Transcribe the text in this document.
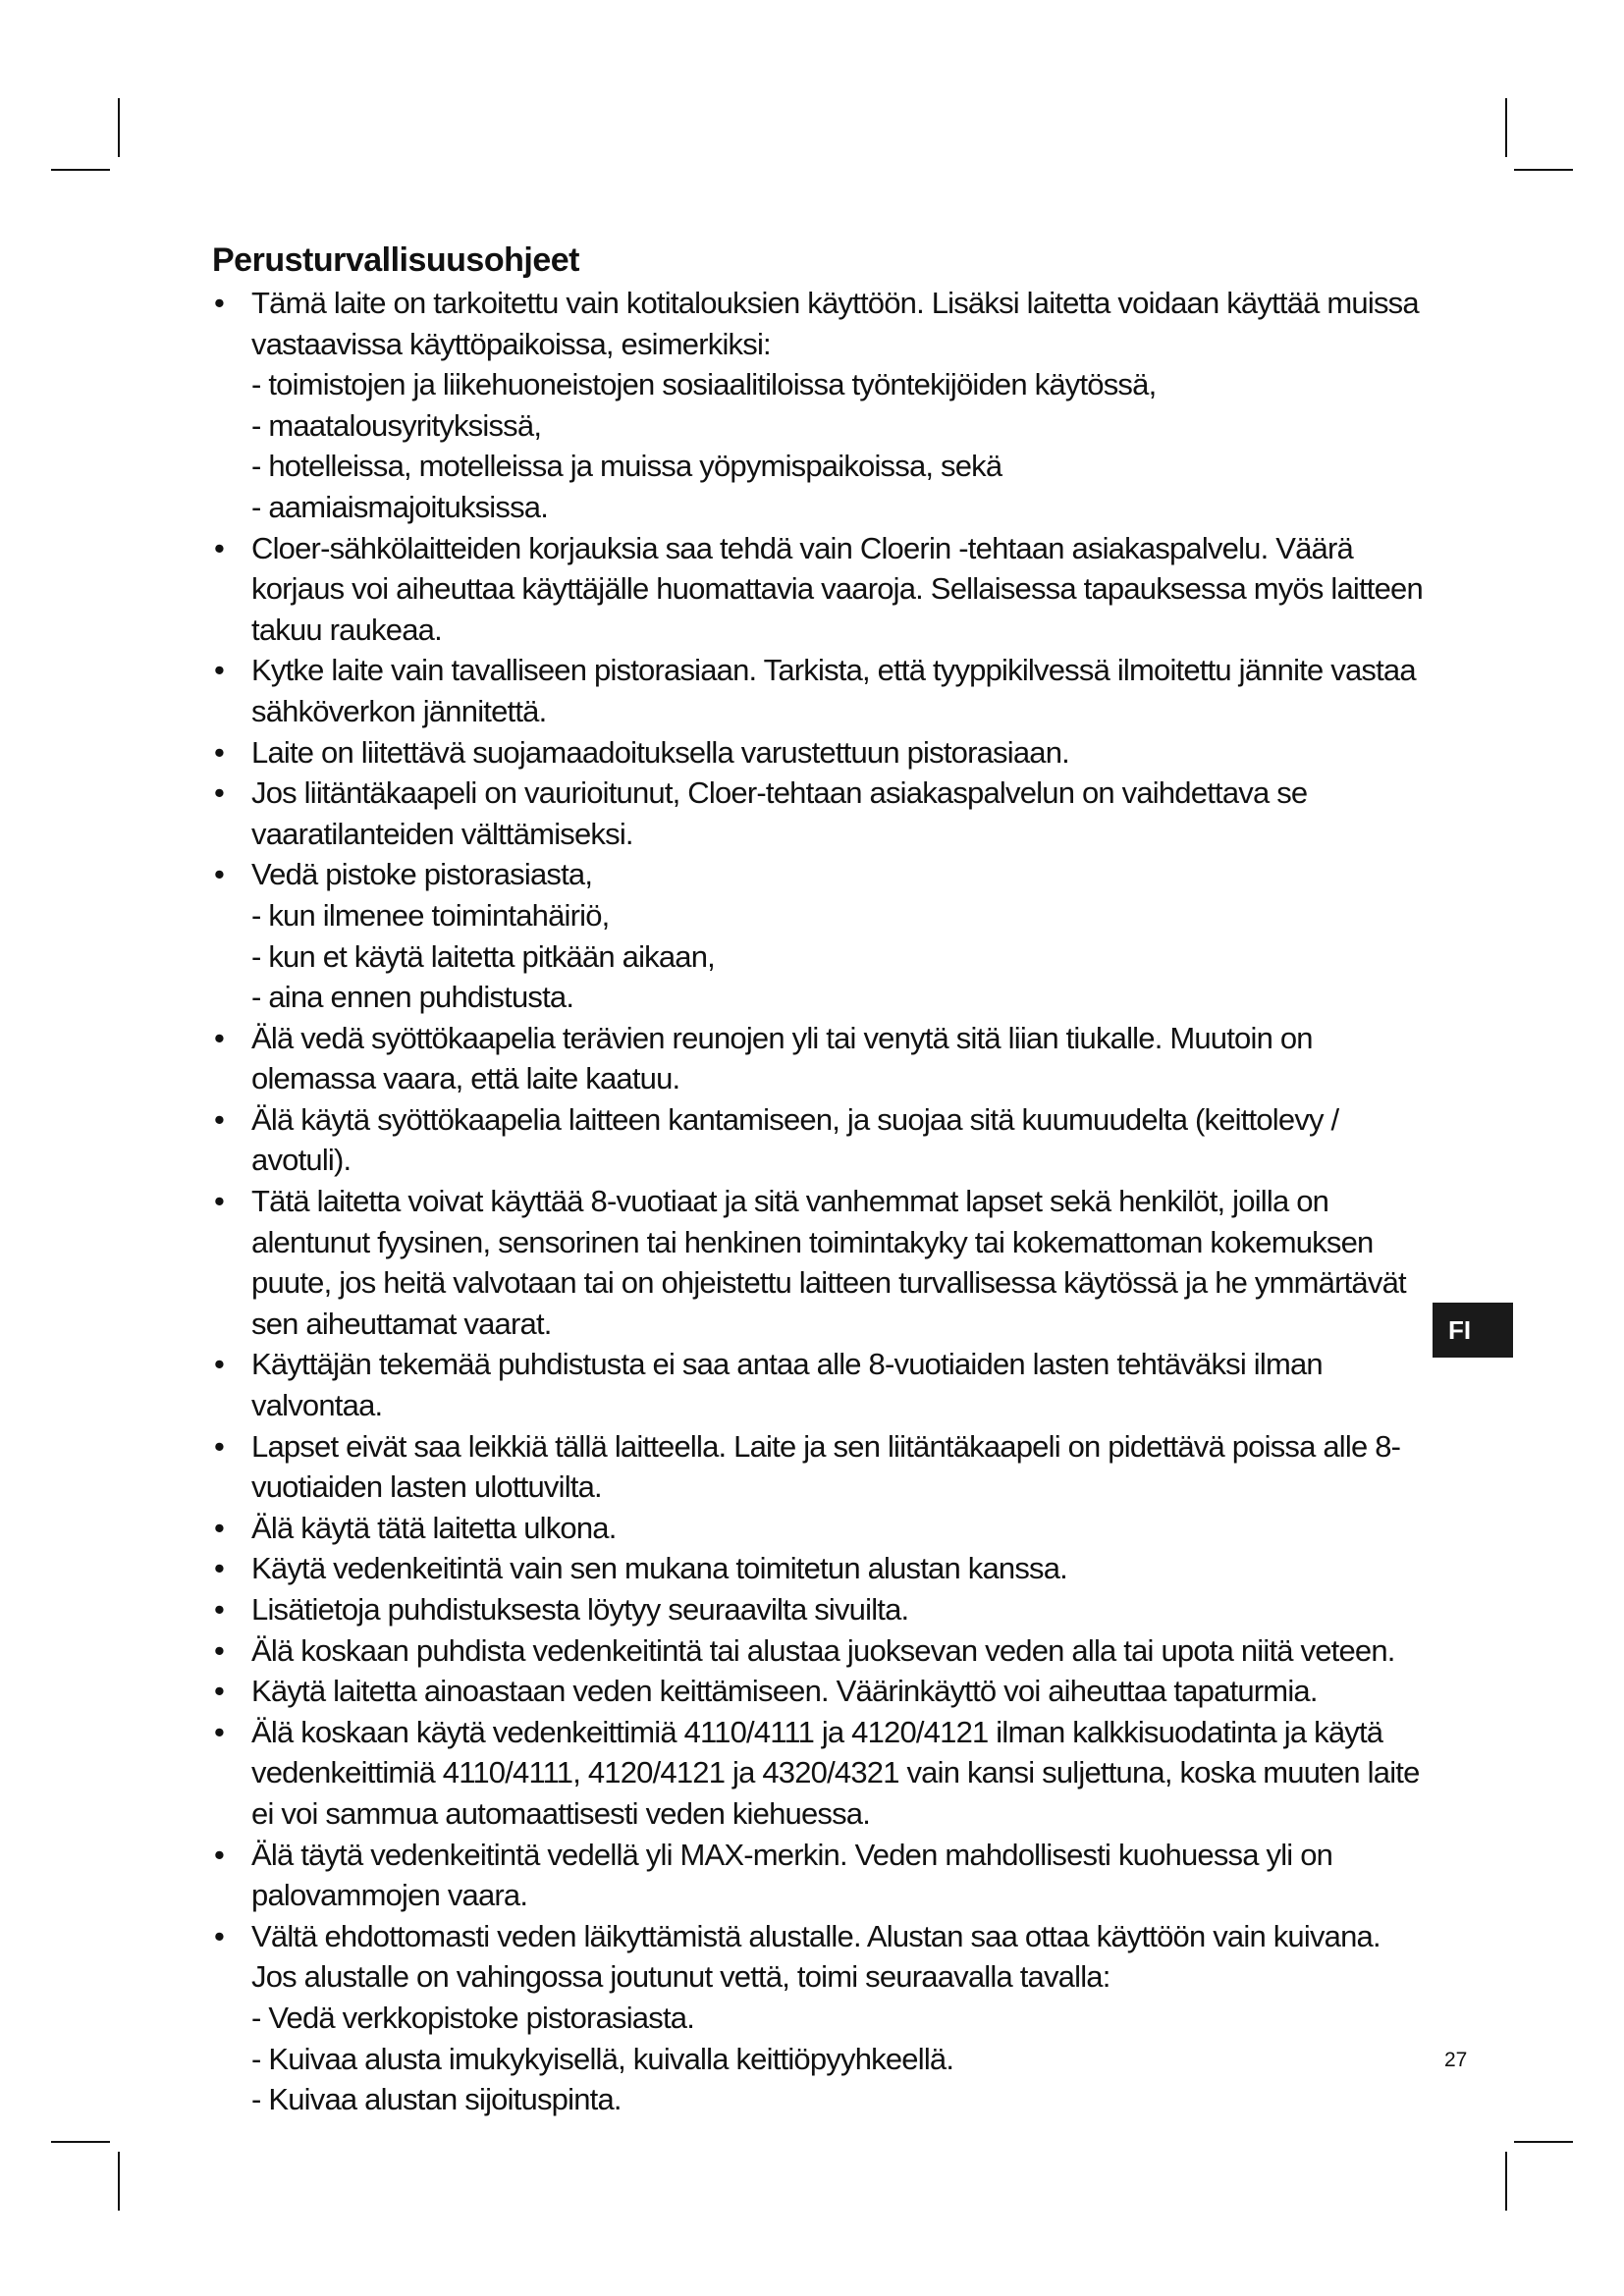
Perusturvallisuusohjeet
• Tämä laite on tarkoitettu vain kotitalouksien käyttöön. Lisäksi laitetta voidaan käyttää muissa vastaavissa käyttöpaikoissa, esimerkiksi:
- toimistojen ja liikehuoneistojen sosiaalitiloissa työntekijöiden käytössä,
- maatalousyrityksissä,
- hotelleissa, motelleissa ja muissa yöpymispaikoissa, sekä
- aamiaismajoituksissa.
• Cloer-sähkölaitteiden korjauksia saa tehdä vain Cloerin -tehtaan asiakaspalvelu. Väärä korjaus voi aiheuttaa käyttäjälle huomattavia vaaroja. Sellaisessa tapauksessa myös laitteen takuu raukeaa.
• Kytke laite vain tavalliseen pistorasiaan. Tarkista, että tyyppikilvessä ilmoitettu jännite vastaa sähköverkon jännitettä.
• Laite on liitettävä suojamaadoituksella varustettuun pistorasiaan.
• Jos liitäntäkaapeli on vaurioitunut, Cloer-tehtaan asiakaspalvelun on vaihdettava se vaaratilanteiden välttämiseksi.
• Vedä pistoke pistorasiasta,
- kun ilmenee toimintahäiriö,
- kun et käytä laitetta pitkään aikaan,
- aina ennen puhdistusta.
• Älä vedä syöttökaapelia terävien reunojen yli tai venytä sitä liian tiukalle. Muutoin on olemassa vaara, että laite kaatuu.
• Älä käytä syöttökaapelia laitteen kantamiseen, ja suojaa sitä kuumuudelta (keittolevy / avotuli).
• Tätä laitetta voivat käyttää 8-vuotiaat ja sitä vanhemmat lapset sekä henkilöt, joilla on alentunut fyysinen, sensorinen tai henkinen toimintakyky tai kokemattoman kokemuksen puute, jos heitä valvotaan tai on ohjeistettu laitteen turvallisessa käytössä ja he ymmärtävät sen aiheuttamat vaarat.
• Käyttäjän tekemää puhdistusta ei saa antaa alle 8-vuotiaiden lasten tehtäväksi ilman valvontaa.
• Lapset eivät saa leikkiä tällä laitteella. Laite ja sen liitäntäkaapeli on pidettävä poissa alle 8-vuotiaiden lasten ulottuvilta.
• Älä käytä tätä laitetta ulkona.
• Käytä vedenkeitintä vain sen mukana toimitetun alustan kanssa.
• Lisätietoja puhdistuksesta löytyy seuraavilta sivuilta.
• Älä koskaan puhdista vedenkeitintä tai alustaa juoksevan veden alla tai upota niitä veteen.
• Käytä laitetta ainoastaan veden keittämiseen. Väärinkäyttö voi aiheuttaa tapaturmia.
• Älä koskaan käytä vedenkeittimiä 4110/4111 ja 4120/4121 ilman kalkkisuodatinta ja käytä vedenkeittimiä 4110/4111, 4120/4121 ja 4320/4321 vain kansi suljettuna, koska muuten laite ei voi sammua automaattisesti veden kiehuessa.
• Älä täytä vedenkeitintä vedellä yli MAX-merkin. Veden mahdollisesti kuohuessa yli on palovammojen vaara.
• Vältä ehdottomasti veden läikyttämistä alustalle. Alustan saa ottaa käyttöön vain kuivana.
Jos alustalle on vahingossa joutunut vettä, toimi seuraavalla tavalla:
- Vedä verkkopistoke pistorasiasta.
- Kuivaa alusta imukykyisellä, kuivalla keittiöpyyhkeellä.
- Kuivaa alustan sijoituspinta.
FI
27
